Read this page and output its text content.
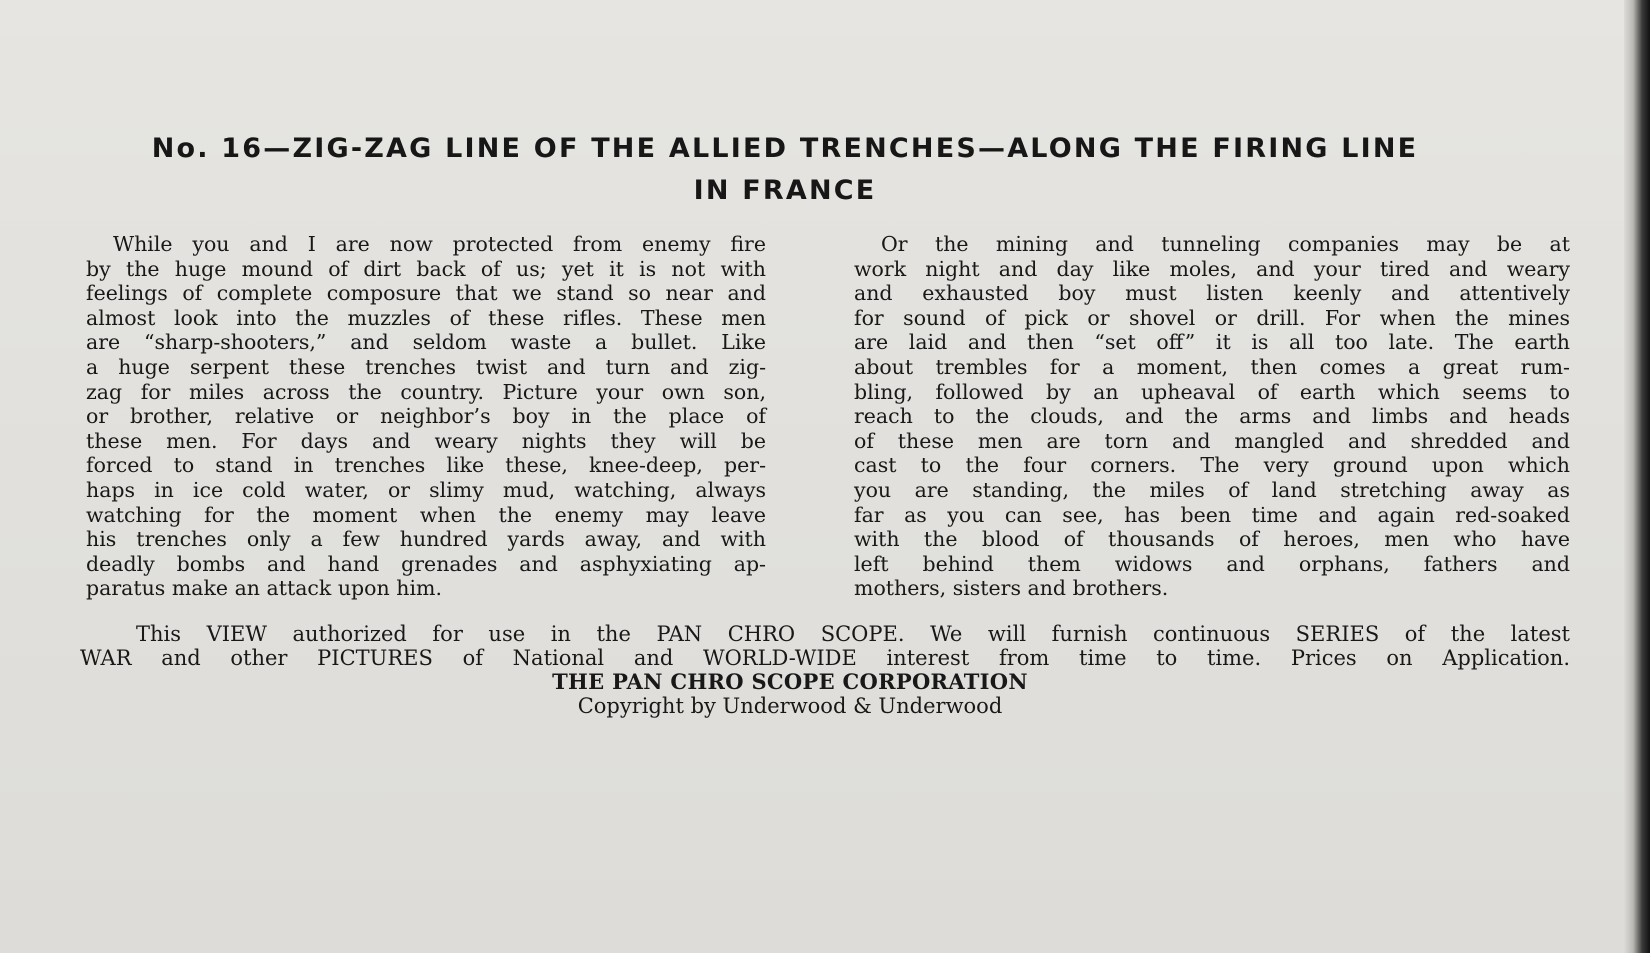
No. 16—ZIG-ZAG LINE OF THE ALLIED TRENCHES—ALONG THE FIRING LINE
IN FRANCE
While you and I are now protected from enemy fire
by the huge mound of dirt back of us; yet it is not with
feelings of complete composure that we stand so near and
almost look into the muzzles of these rifles. These men
are “sharp-shooters,” and seldom waste a bullet. Like
a huge serpent these trenches twist and turn and zig-
zag for miles across the country. Picture your own son,
or brother, relative or neighbor’s boy in the place of
these men. For days and weary nights they will be
forced to stand in trenches like these, knee-deep, per-
haps in ice cold water, or slimy mud, watching, always
watching for the moment when the enemy may leave
his trenches only a few hundred yards away, and with
deadly bombs and hand grenades and asphyxiating ap-
paratus make an attack upon him.
Or the mining and tunneling companies may be at
work night and day like moles, and your tired and weary
and exhausted boy must listen keenly and attentively
for sound of pick or shovel or drill. For when the mines
are laid and then “set off” it is all too late. The earth
about trembles for a moment, then comes a great rum-
bling, followed by an upheaval of earth which seems to
reach to the clouds, and the arms and limbs and heads
of these men are torn and mangled and shredded and
cast to the four corners. The very ground upon which
you are standing, the miles of land stretching away as
far as you can see, has been time and again red-soaked
with the blood of thousands of heroes, men who have
left behind them widows and orphans, fathers and
mothers, sisters and brothers.
This VIEW authorized for use in the PAN CHRO SCOPE. We will furnish continuous SERIES of the latest
WAR and other PICTURES of National and WORLD-WIDE interest from time to time. Prices on Application.
THE PAN CHRO SCOPE CORPORATION
Copyright by Underwood & Underwood
